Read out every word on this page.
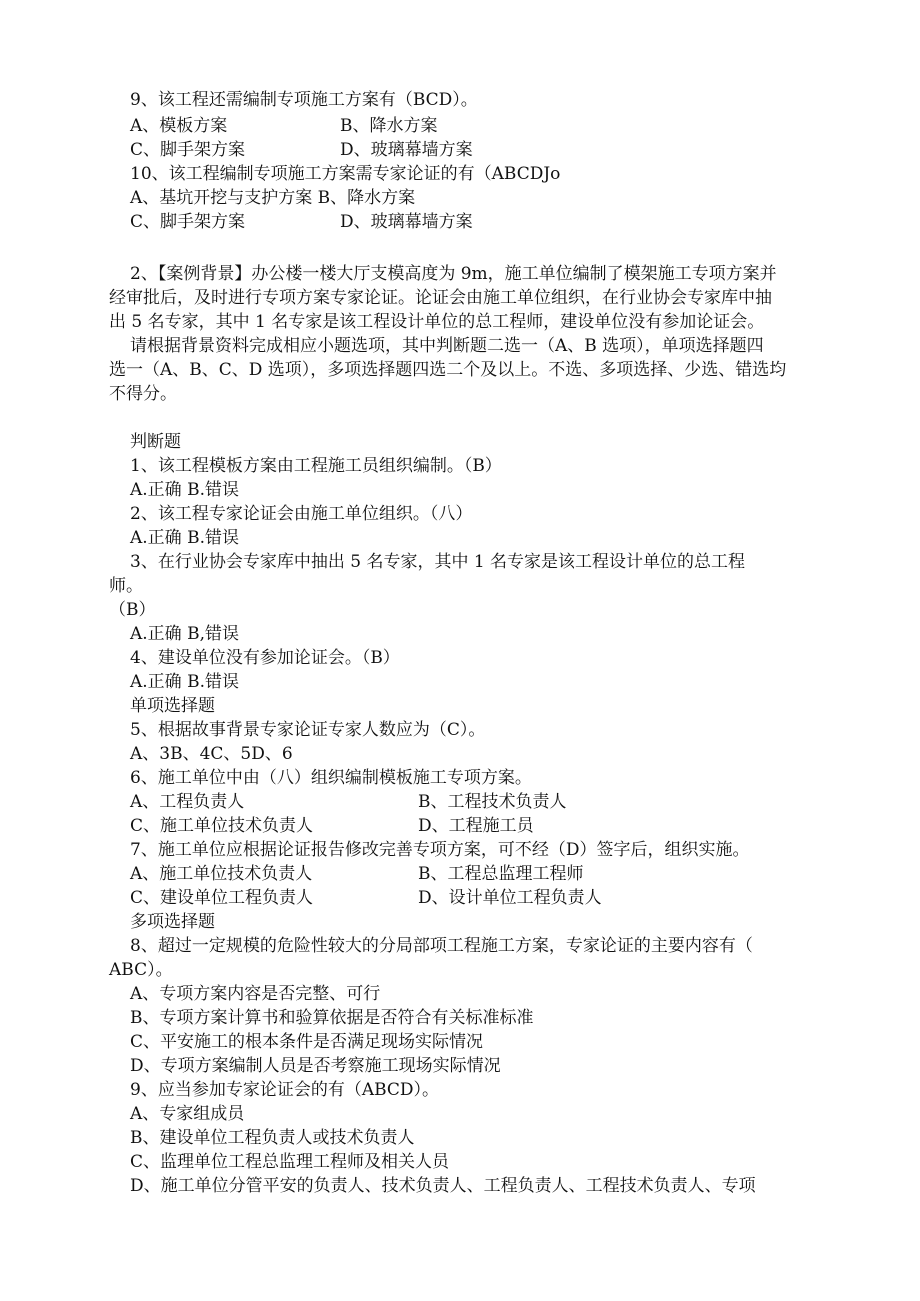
9、该工程还需编制专项施工方案有（BCD）。
A、模板方案	B、降水方案
C、脚手架方案	D、玻璃幕墙方案
10、该工程编制专项施工方案需专家论证的有（ABCDJo
A、基坑开挖与支护方案 B、降水方案
C、脚手架方案	D、玻璃幕墙方案
2、【案例背景】办公楼一楼大厅支模高度为 9m，施工单位编制了模架施工专项方案并
经审批后，及时进行专项方案专家论证。论证会由施工单位组织，在行业协会专家库中抽
出 5 名专家，其中 1 名专家是该工程设计单位的总工程师，建设单位没有参加论证会。
请根据背景资料完成相应小题选项，其中判断题二选一（A、B 选项），单项选择题四
选一（A、B、C、D 选项），多项选择题四选二个及以上。不选、多项选择、少选、错选均
不得分。
判断题
1、该工程模板方案由工程施工员组织编制。（B）
A.正确 B.错误
2、该工程专家论证会由施工单位组织。（八）
A.正确 B.错误
3、在行业协会专家库中抽出 5 名专家，其中 1 名专家是该工程设计单位的总工程
师。
（B）
A.正确 B,错误
4、建设单位没有参加论证会。（B）
A.正确 B.错误
单项选择题
5、根据故事背景专家论证专家人数应为（C）。
A、3B、4C、5D、6
6、施工单位中由（八）组织编制模板施工专项方案。
A、工程负责人	B、工程技术负责人
C、施工单位技术负责人	D、工程施工员
7、施工单位应根据论证报告修改完善专项方案，可不经（D）签字后，组织实施。
A、施工单位技术负责人	B、工程总监理工程师
C、建设单位工程负责人	D、设计单位工程负责人
多项选择题
8、超过一定规模的危险性较大的分局部项工程施工方案，专家论证的主要内容有（
ABC）。
A、专项方案内容是否完整、可行
B、专项方案计算书和验算依据是否符合有关标准标准
C、平安施工的根本条件是否满足现场实际情况
D、专项方案编制人员是否考察施工现场实际情况
9、应当参加专家论证会的有（ABCD）。
A、专家组成员
B、建设单位工程负责人或技术负责人
C、监理单位工程总监理工程师及相关人员
D、施工单位分管平安的负责人、技术负责人、工程负责人、工程技术负责人、专项
